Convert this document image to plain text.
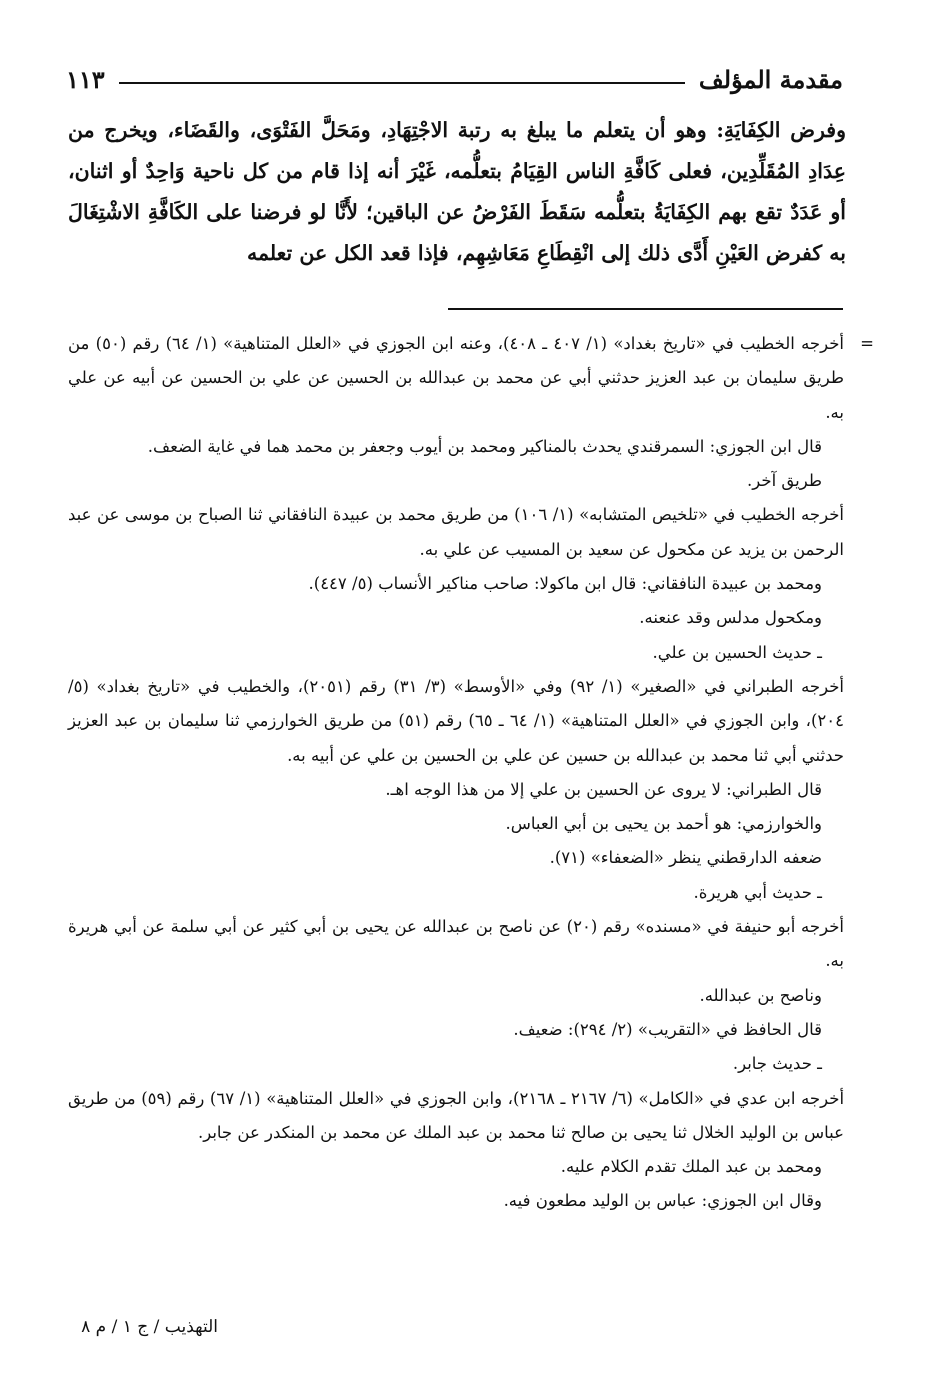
مقدمة المؤلف
١١٣

وفرض الكِفَايَةِ: وهو أن يتعلم ما يبلغ به رتبة الاجْتِهَادِ، ومَحَلَّ الفَتْوَى، والقَضَاء، ويخرج من عِدَادِ المُقَلِّدِين، فعلى كَافَّةِ الناس القِيَامُ بتعلُّمه، غَيْرَ أنه إذا قام من كل ناحية وَاحِدٌ أو اثنان، أو عَدَدٌ تقع بهم الكِفَايَةُ بتعلُّمه سَقَطَ الفَرْضُ عن الباقين؛ لأَنَّا لو فرضنا على الكَافَّةِ الاشْتِغَالَ به كفرض العَيْنِ أَدَّى ذلك إلى انْقِطَاعِ مَعَاشِهِم، فإذا قعد الكل عن تعلمه

=
أخرجه الخطيب في «تاريخ بغداد» (١/ ٤٠٧ ـ ٤٠٨)، وعنه ابن الجوزي في «العلل المتناهية» (١/ ٦٤) رقم (٥٠) من طريق سليمان بن عبد العزيز حدثني أبي عن محمد بن عبدالله بن الحسين عن علي بن الحسين عن أبيه عن علي به.

قال ابن الجوزي: السمرقندي يحدث بالمناكير ومحمد بن أيوب وجعفر بن محمد هما في غاية الضعف.

طريق آخر.

أخرجه الخطيب في «تلخيص المتشابه» (١/ ١٠٦) من طريق محمد بن عبيدة النافقاني ثنا الصباح بن موسى عن عبد الرحمن بن يزيد عن مكحول عن سعيد بن المسيب عن علي به.

ومحمد بن عبيدة النافقاني: قال ابن ماكولا: صاحب مناكير الأنساب (٥/ ٤٤٧).

ومكحول مدلس وقد عنعنه.

ـ حديث الحسين بن علي.

أخرجه الطبراني في «الصغير» (١/ ٩٢) وفي «الأوسط» (٣/ ٣١) رقم (٢٠٥١)، والخطيب في «تاريخ بغداد» (٥/ ٢٠٤)، وابن الجوزي في «العلل المتناهية» (١/ ٦٤ ـ ٦٥) رقم (٥١) من طريق الخوارزمي ثنا سليمان بن عبد العزيز حدثني أبي ثنا محمد بن عبدالله بن حسين عن علي بن الحسين بن علي عن أبيه به.

قال الطبراني: لا يروى عن الحسين بن علي إلا من هذا الوجه اهـ.

والخوارزمي: هو أحمد بن يحيى بن أبي العباس.

ضعفه الدارقطني ينظر «الضعفاء» (٧١).

ـ حديث أبي هريرة.

أخرجه أبو حنيفة في «مسنده» رقم (٢٠) عن ناصح بن عبدالله عن يحيى بن أبي كثير عن أبي سلمة عن أبي هريرة به.

وناصح بن عبدالله.

قال الحافظ في «التقريب» (٢/ ٢٩٤): ضعيف.

ـ حديث جابر.

أخرجه ابن عدي في «الكامل» (٦/ ٢١٦٧ ـ ٢١٦٨)، وابن الجوزي في «العلل المتناهية» (١/ ٦٧) رقم (٥٩) من طريق عباس بن الوليد الخلال ثنا يحيى بن صالح ثنا محمد بن عبد الملك عن محمد بن المنكدر عن جابر.

ومحمد بن عبد الملك تقدم الكلام عليه.

وقال ابن الجوزي: عباس بن الوليد مطعون فيه.

التهذيب / ج ١ / م ٨
